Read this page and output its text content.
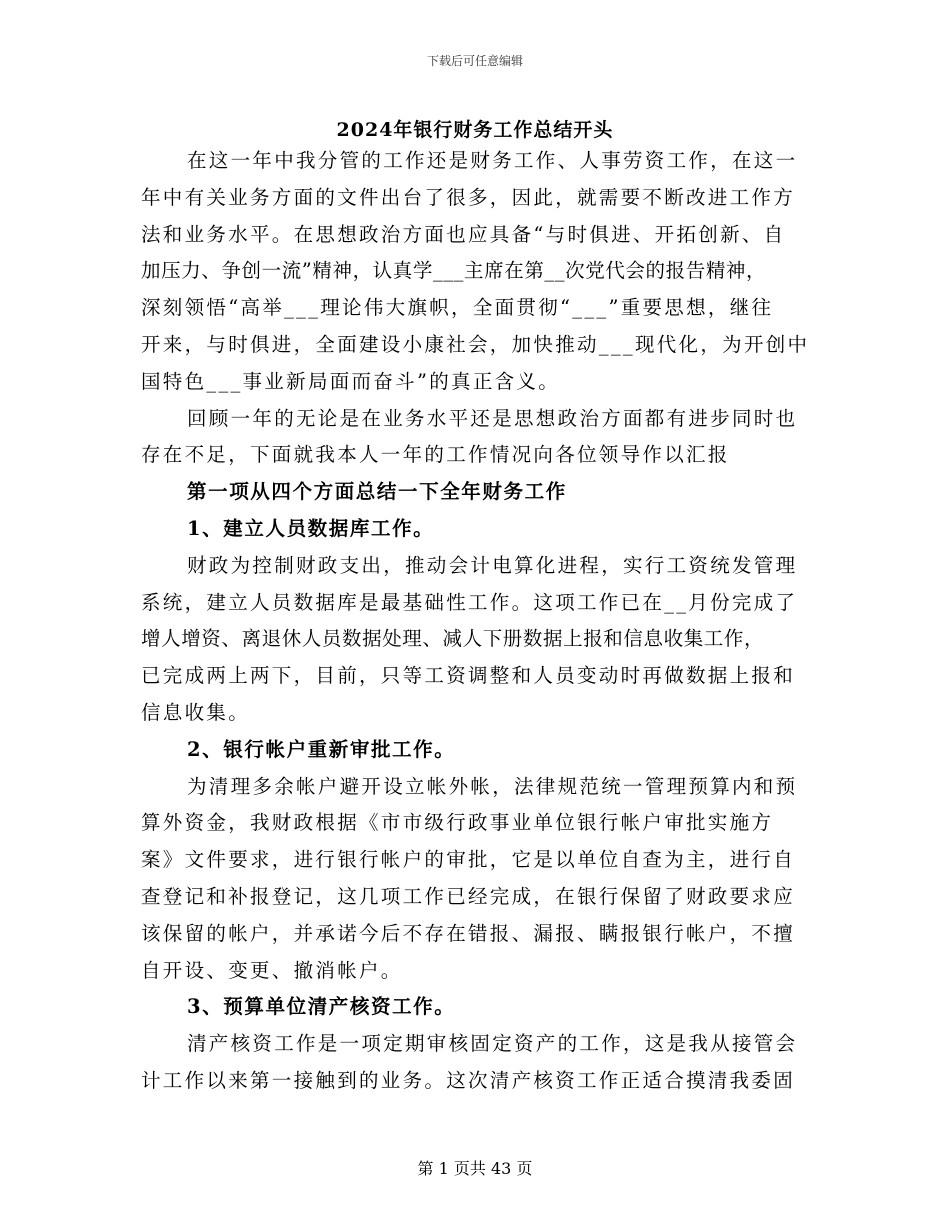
下载后可任意编辑
2024年银行财务工作总结开头
在这一年中我分管的工作还是财务工作、人事劳资工作，在这一
年中有关业务方面的文件出台了很多，因此，就需要不断改进工作方
法和业务水平。在思想政治方面也应具备“与时俱进、开拓创新、自
加压力、争创一流”精神，认真学___主席在第__次党代会的报告精神，
深刻领悟“高举___理论伟大旗帜，全面贯彻“___”重要思想，继往
开来，与时俱进，全面建设小康社会，加快推动___现代化，为开创中
国特色___事业新局面而奋斗”的真正含义。
回顾一年的无论是在业务水平还是思想政治方面都有进步同时也
存在不足，下面就我本人一年的工作情况向各位领导作以汇报
第一项从四个方面总结一下全年财务工作
1、建立人员数据库工作。
财政为控制财政支出，推动会计电算化进程，实行工资统发管理
系统，建立人员数据库是最基础性工作。这项工作已在__月份完成了
增人增资、离退休人员数据处理、减人下册数据上报和信息收集工作，
已完成两上两下，目前，只等工资调整和人员变动时再做数据上报和
信息收集。
2、银行帐户重新审批工作。
为清理多余帐户避开设立帐外帐，法律规范统一管理预算内和预
算外资金，我财政根据《市市级行政事业单位银行帐户审批实施方
案》文件要求，进行银行帐户的审批，它是以单位自查为主，进行自
查登记和补报登记，这几项工作已经完成，在银行保留了财政要求应
该保留的帐户，并承诺今后不存在错报、漏报、瞒报银行帐户，不擅
自开设、变更、撤消帐户。
3、预算单位清产核资工作。
清产核资工作是一项定期审核固定资产的工作，这是我从接管会
计工作以来第一接触到的业务。这次清产核资工作正适合摸清我委固
第 1 页共 43 页
